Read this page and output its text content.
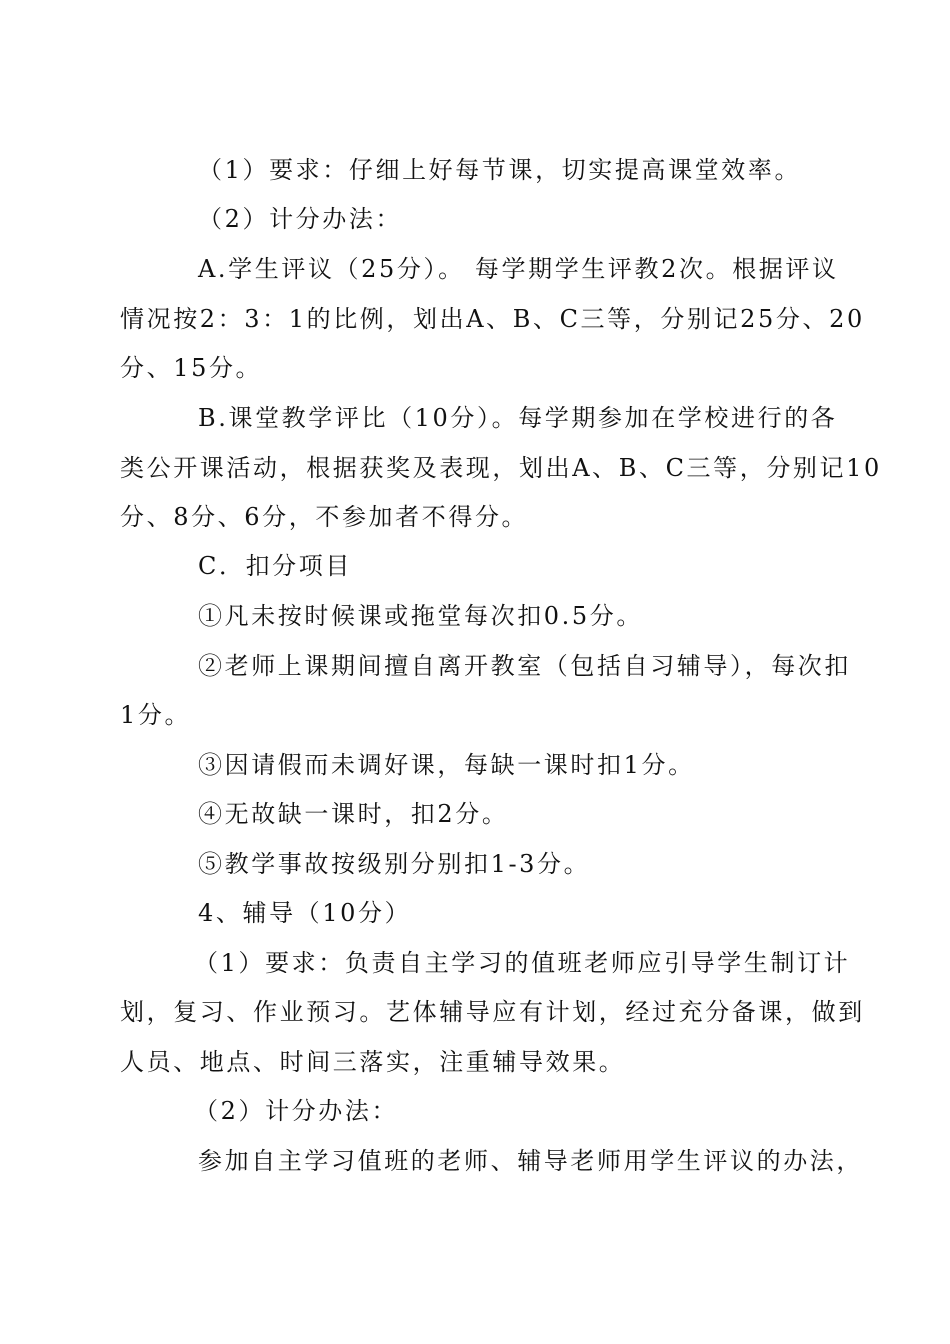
（1）要求：仔细上好每节课，切实提高课堂效率。
（2）计分办法：
A.学生评议（25分）。 每学期学生评教2次。根据评议
情况按2：3：1的比例，划出A、B、C三等，分别记25分、20
分、15分。
B.课堂教学评比（10分）。每学期参加在学校进行的各
类公开课活动，根据获奖及表现，划出A、B、C三等，分别记10
分、8分、6分，不参加者不得分。
C．扣分项目
①凡未按时候课或拖堂每次扣0.5分。
②老师上课期间擅自离开教室（包括自习辅导），每次扣
1分。
③因请假而未调好课，每缺一课时扣1分。
④无故缺一课时，扣2分。
⑤教学事故按级别分别扣1-3分。
4、辅导（10分）
（1）要求：负责自主学习的值班老师应引导学生制订计
划，复习、作业预习。艺体辅导应有计划，经过充分备课，做到
人员、地点、时间三落实，注重辅导效果。
（2）计分办法：
参加自主学习值班的老师、辅导老师用学生评议的办法，
